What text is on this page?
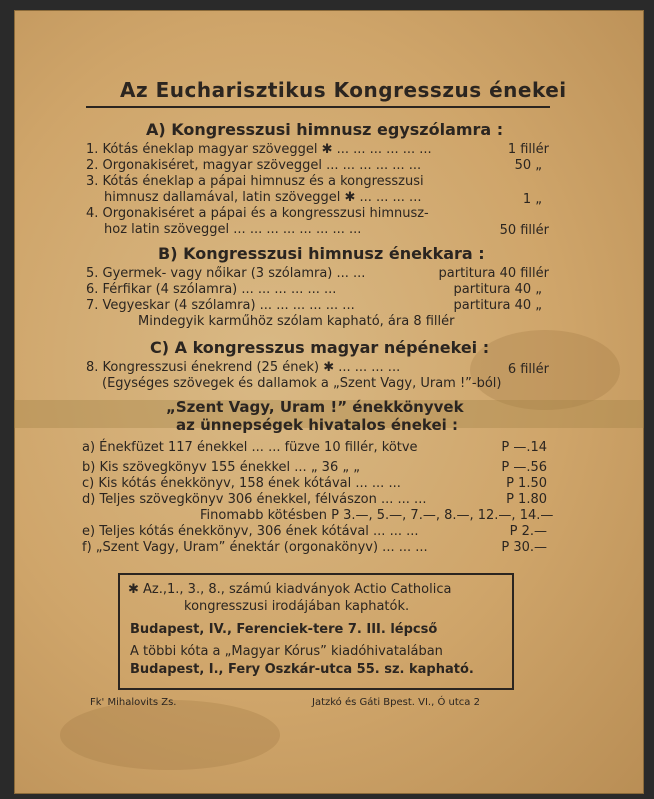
Az Eucharisztikus Kongresszus énekei
A) Kongresszusi himnusz egyszólamra :
1. Kótás éneklap magyar szöveggel ✱ ... ... ... ... ... ...	1 fillér
2. Orgonakiséret, magyar szöveggel ... ... ... ... ... ...	50 „
3. Kótás éneklap a pápai himnusz és a kongresszusi
himnusz dallamával, latin szöveggel ✱ ... ... ... ...	1 „
4. Orgonakiséret a pápai és a kongresszusi himnusz-
hoz latin szöveggel ... ... ... ... ... ... ... ...	50 fillér
B) Kongresszusi himnusz énekkara :
5. Gyermek- vagy nőikar (3 szólamra) ... ...	partitura 40 fillér
6. Férfikar (4 szólamra) ... ... ... ... ... ...	partitura 40 „
7. Vegyeskar (4 szólamra) ... ... ... ... ... ...	partitura 40 „
Mindegyik karműhöz szólam kapható, ára 8 fillér
C) A kongresszus magyar népénekei :
8. Kongresszusi énekrend (25 ének) ✱ ... ... ... ...	6 fillér
(Egységes szövegek és dallamok a „Szent Vagy, Uram !”-ból)
„Szent Vagy, Uram !” énekkönyvek
az ünnepségek hivatalos énekei :
a) Énekfüzet 117 énekkel ... ... füzve 10 fillér, kötve	P —.14
b) Kis szövegkönyv 155 énekkel ... „ 36 „ „	P —.56
c) Kis kótás énekkönyv, 158 ének kótával ... ... ...	P 1.50
d) Teljes szövegkönyv 306 énekkel, félvászon ... ... ...	P 1.80
Finomabb kötésben P 3.—, 5.—, 7.—, 8.—, 12.—, 14.—
e) Teljes kótás énekkönyv, 306 ének kótával ... ... ...	P 2.—
f) „Szent Vagy, Uram” énektár (orgonakönyv) ... ... ...	P 30.—
✱ Az.,1., 3., 8., számú kiadványok Actio Catholica
kongresszusi irodájában kaphatók.
Budapest, IV., Ferenciek-tere 7. III. lépcső
A többi kóta a „Magyar Kórus” kiadóhivatalában
Budapest, I., Fery Oszkár-utca 55. sz. kapható.
Fk' Mihalovits Zs.	Jatzkó és Gáti Bpest. VI., Ó utca 2
